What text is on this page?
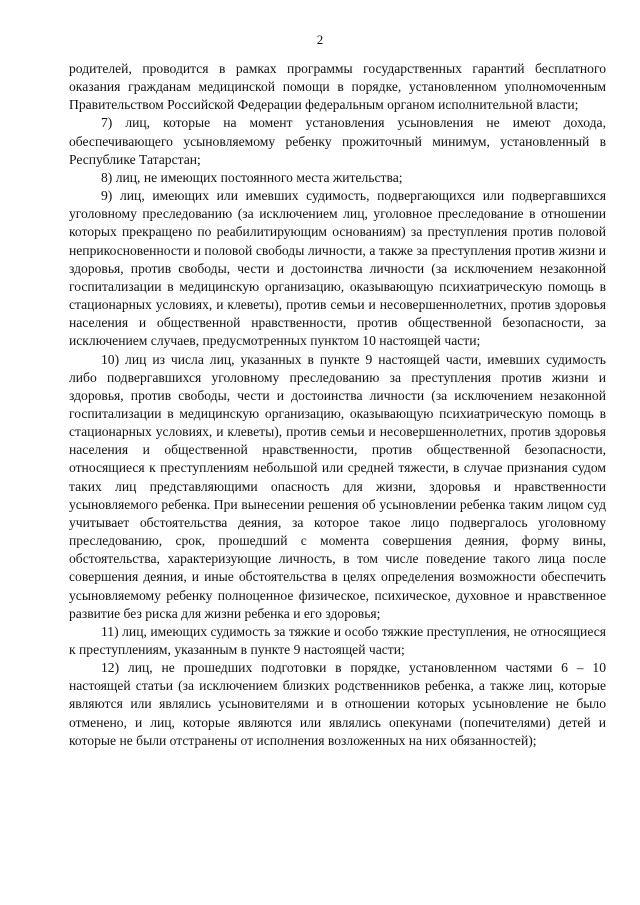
2

родителей, проводится в рамках программы государственных гарантий бесплатного оказания гражданам медицинской помощи в порядке, установленном уполномоченным Правительством Российской Федерации федеральным органом исполнительной власти;

7) лиц, которые на момент установления усыновления не имеют дохода, обеспечивающего усыновляемому ребенку прожиточный минимум, установленный в Республике Татарстан;

8) лиц, не имеющих постоянного места жительства;

9) лиц, имеющих или имевших судимость, подвергающихся или подвергавшихся уголовному преследованию (за исключением лиц, уголовное преследование в отношении которых прекращено по реабилитирующим основаниям) за преступления против половой неприкосновенности и половой свободы личности, а также за преступления против жизни и здоровья, против свободы, чести и достоинства личности (за исключением незаконной госпитализации в медицинскую организацию, оказывающую психиатрическую помощь в стационарных условиях, и клеветы), против семьи и несовершеннолетних, против здоровья населения и общественной нравственности, против общественной безопасности, за исключением случаев, предусмотренных пунктом 10 настоящей части;

10) лиц из числа лиц, указанных в пункте 9 настоящей части, имевших судимость либо подвергавшихся уголовному преследованию за преступления против жизни и здоровья, против свободы, чести и достоинства личности (за исключением незаконной госпитализации в медицинскую организацию, оказывающую психиатрическую помощь в стационарных условиях, и клеветы), против семьи и несовершеннолетних, против здоровья населения и общественной нравственности, против общественной безопасности, относящиеся к преступлениям небольшой или средней тяжести, в случае признания судом таких лиц представляющими опасность для жизни, здоровья и нравственности усыновляемого ребенка. При вынесении решения об усыновлении ребенка таким лицом суд учитывает обстоятельства деяния, за которое такое лицо подвергалось уголовному преследованию, срок, прошедший с момента совершения деяния, форму вины, обстоятельства, характеризующие личность, в том числе поведение такого лица после совершения деяния, и иные обстоятельства в целях определения возможности обеспечить усыновляемому ребенку полноценное физическое, психическое, духовное и нравственное развитие без риска для жизни ребенка и его здоровья;

11) лиц, имеющих судимость за тяжкие и особо тяжкие преступления, не относящиеся к преступлениям, указанным в пункте 9 настоящей части;

12) лиц, не прошедших подготовки в порядке, установленном частями 6 – 10 настоящей статьи (за исключением близких родственников ребенка, а также лиц, которые являются или являлись усыновителями и в отношении которых усыновление не было отменено, и лиц, которые являются или являлись опекунами (попечителями) детей и которые не были отстранены от исполнения возложенных на них обязанностей);
